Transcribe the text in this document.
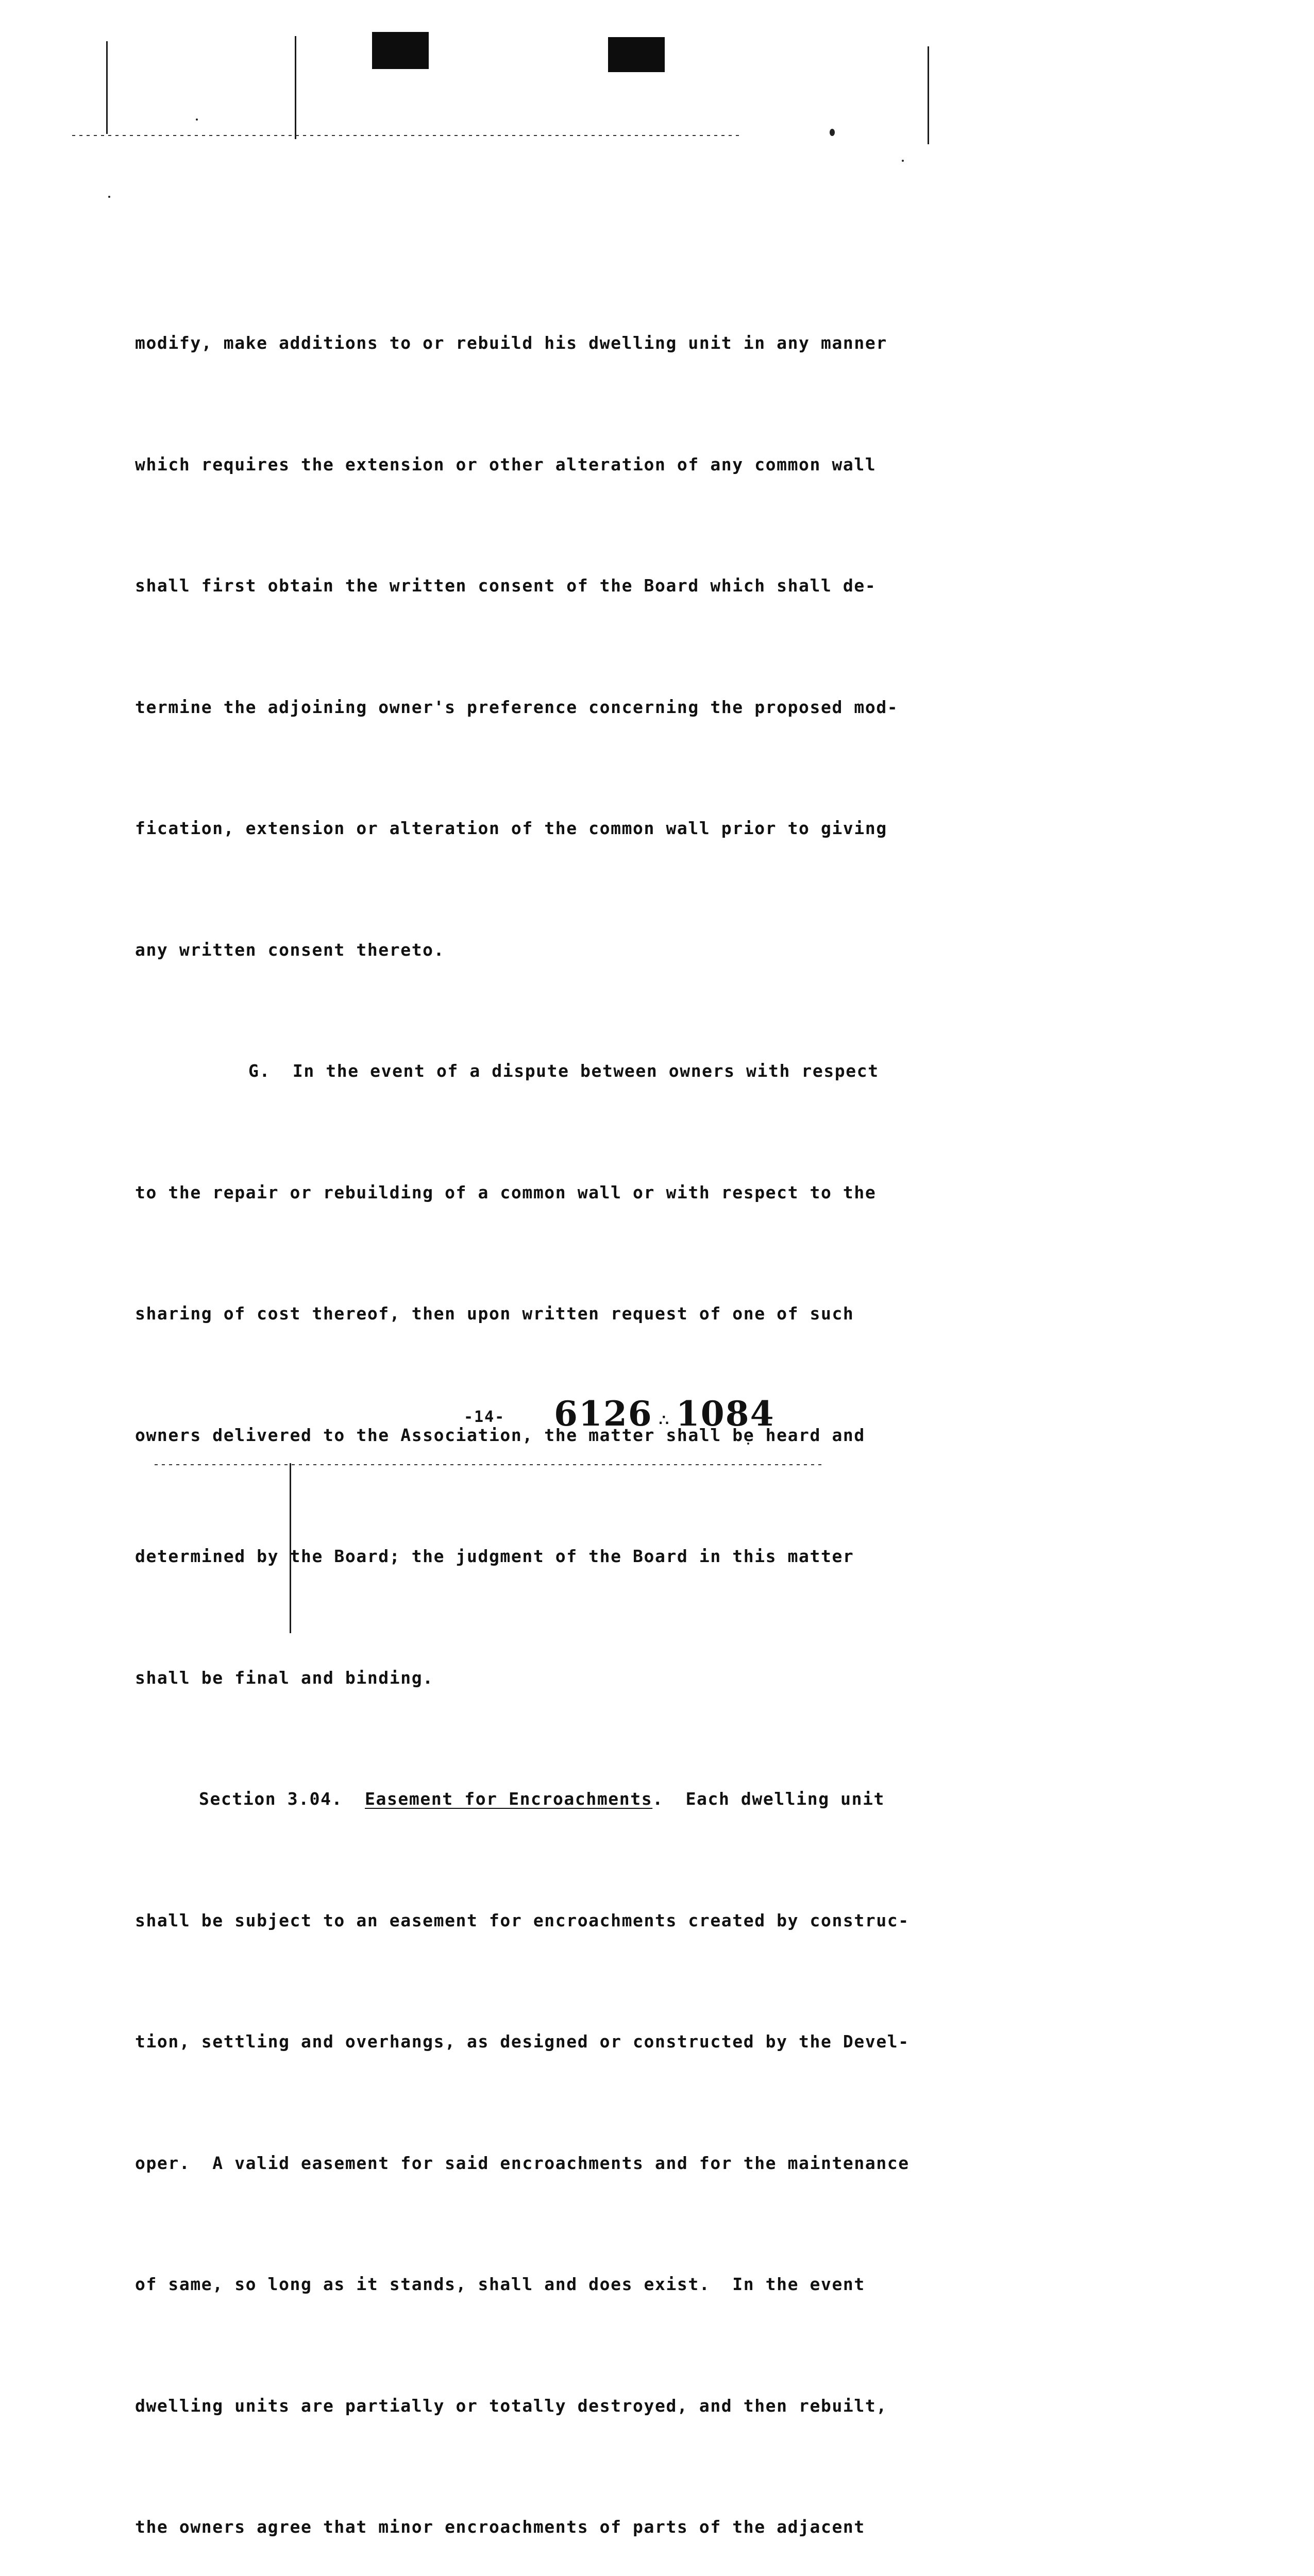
modify, make additions to or rebuild his dwelling unit in any manner

which requires the extension or other alteration of any common wall

shall first obtain the written consent of the Board which shall de-

termine the adjoining owner's preference concerning the proposed mod-

fication, extension or alteration of the common wall prior to giving

any written consent thereto.

G.  In the event of a dispute between owners with respect

to the repair or rebuilding of a common wall or with respect to the

sharing of cost thereof, then upon written request of one of such

owners delivered to the Association, the matter shall be heard and

determined by the Board; the judgment of the Board in this matter

shall be final and binding.

Section 3.04.  Easement for Encroachments.  Each dwelling unit

shall be subject to an easement for encroachments created by construc-

tion, settling and overhangs, as designed or constructed by the Devel-

oper.  A valid easement for said encroachments and for the maintenance

of same, so long as it stands, shall and does exist.  In the event

dwelling units are partially or totally destroyed, and then rebuilt,

the owners agree that minor encroachments of parts of the adjacent

-14- 6126 ∴ 1084
